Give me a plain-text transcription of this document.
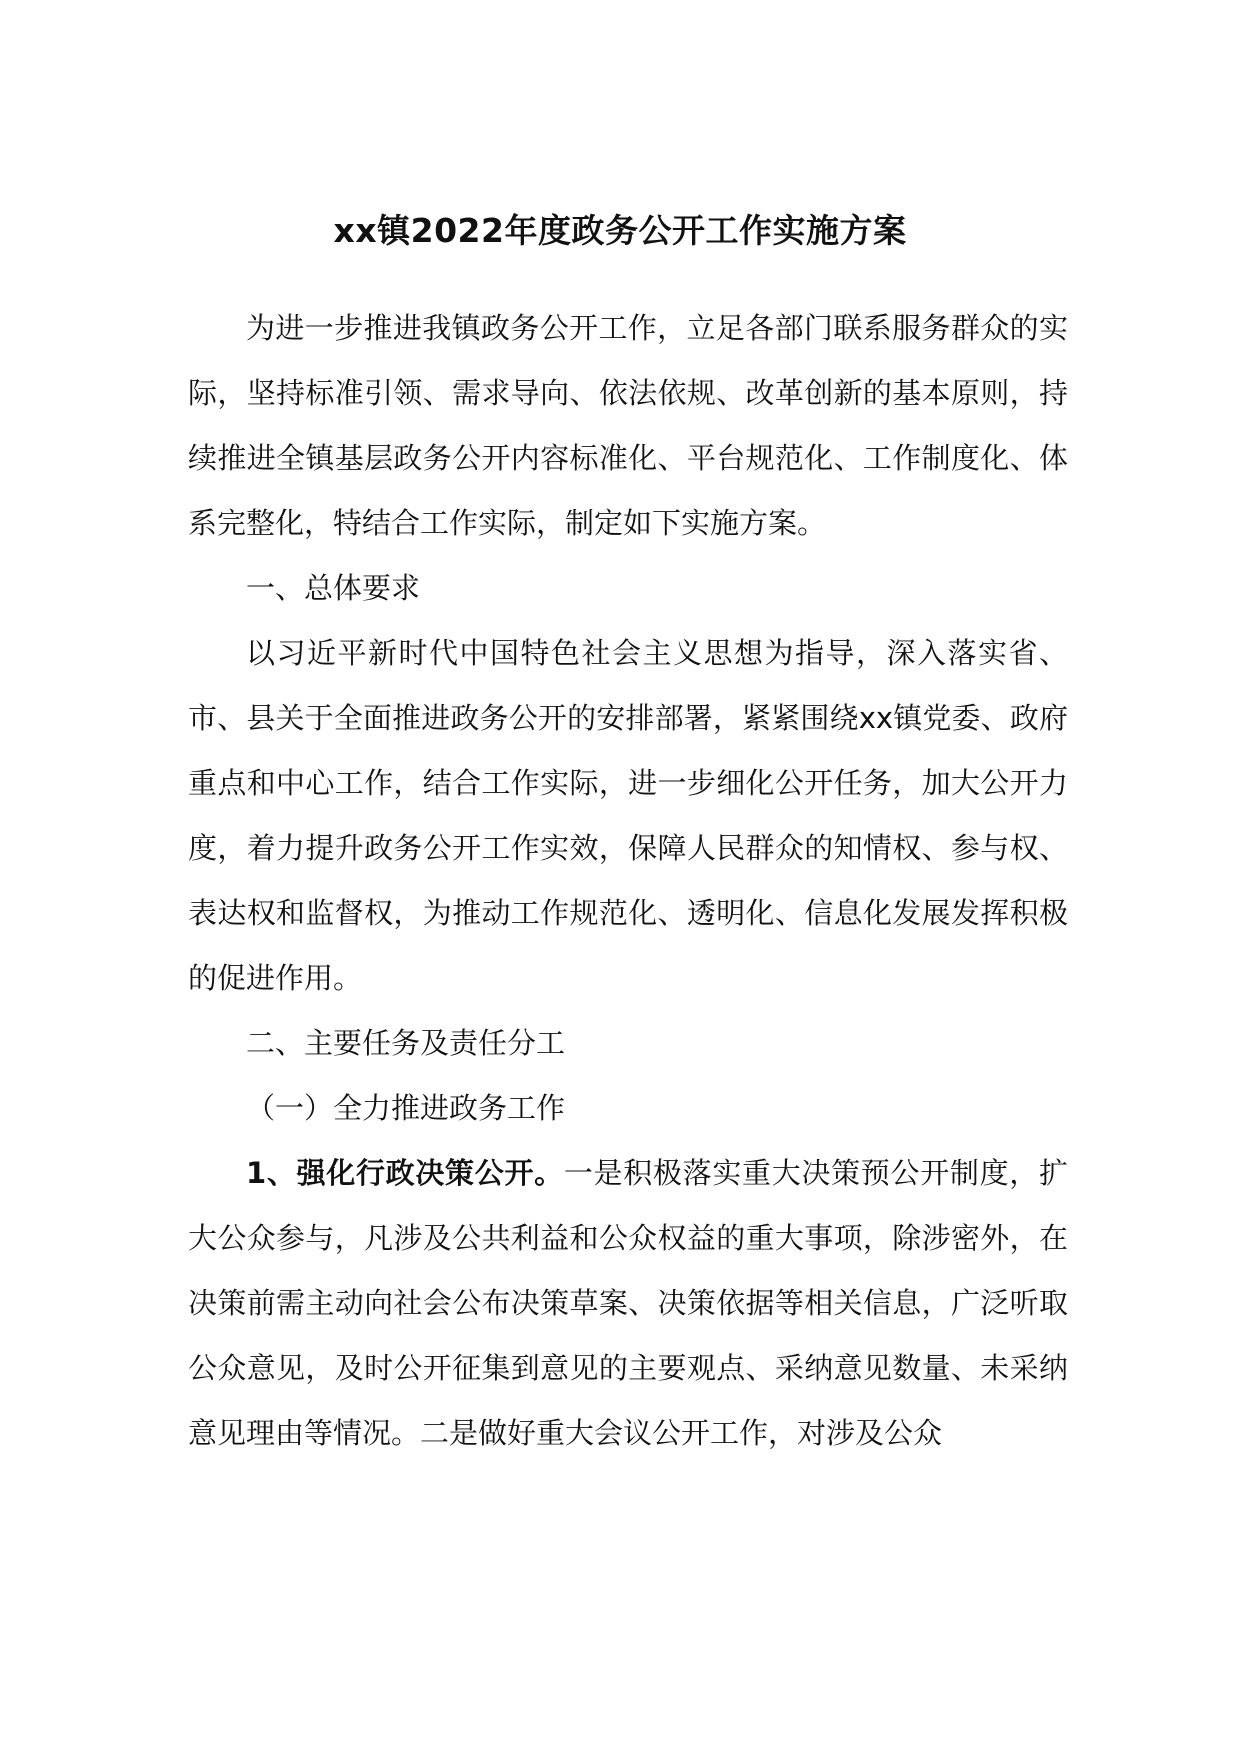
xx镇2022年度政务公开工作实施方案

为进一步推进我镇政务公开工作，立足各部门联系服务群众的实际，坚持标准引领、需求导向、依法依规、改革创新的基本原则，持续推进全镇基层政务公开内容标准化、平台规范化、工作制度化、体系完整化，特结合工作实际，制定如下实施方案。

一、总体要求

以习近平新时代中国特色社会主义思想为指导，深入落实省、市、县关于全面推进政务公开的安排部署，紧紧围绕xx镇党委、政府重点和中心工作，结合工作实际，进一步细化公开任务，加大公开力度，着力提升政务公开工作实效，保障人民群众的知情权、参与权、表达权和监督权，为推动工作规范化、透明化、信息化发展发挥积极的促进作用。

二、主要任务及责任分工

（一）全力推进政务工作

1、强化行政决策公开。一是积极落实重大决策预公开制度，扩大公众参与，凡涉及公共利益和公众权益的重大事项，除涉密外，在决策前需主动向社会公布决策草案、决策依据等相关信息，广泛听取公众意见，及时公开征集到意见的主要观点、采纳意见数量、未采纳意见理由等情况。二是做好重大会议公开工作，对涉及公众
